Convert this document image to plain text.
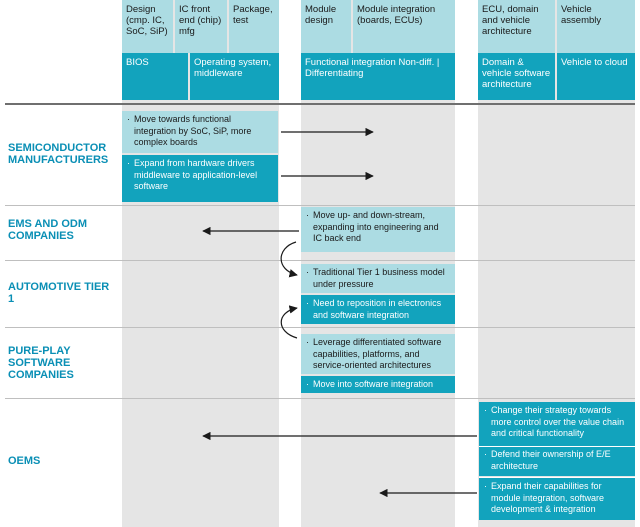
Design (cmp. IC, SoC, SiP)
IC front end (chip) mfg
Package, test
Module design
Module integration (boards, ECUs)
ECU, domain and vehicle architecture
Vehicle assembly
BIOS	Operating system, middleware
Functional integration Non-diff. | Differentiating
Domain & vehicle software architecture
Vehicle to cloud
SEMICONDUCTOR MANUFACTURERS
EMS AND ODM COMPANIES
AUTOMOTIVE TIER 1
PURE-PLAY SOFTWARE COMPANIES
OEMS
· Move towards functional integration by SoC, SiP, more complex boards
· Expand from hardware drivers middleware to application-level software
· Move up- and down-stream, expanding into engineering and IC back end
· Traditional Tier 1 business model under pressure
· Need to reposition in electronics and software integration
· Leverage differentiated software capabilities, platforms, and service-oriented architectures
· Move into software integration
· Change their strategy towards more control over the value chain and critical functionality
· Defend their ownership of E/E architecture
· Expand their capabilities for module integration, software development & integration
